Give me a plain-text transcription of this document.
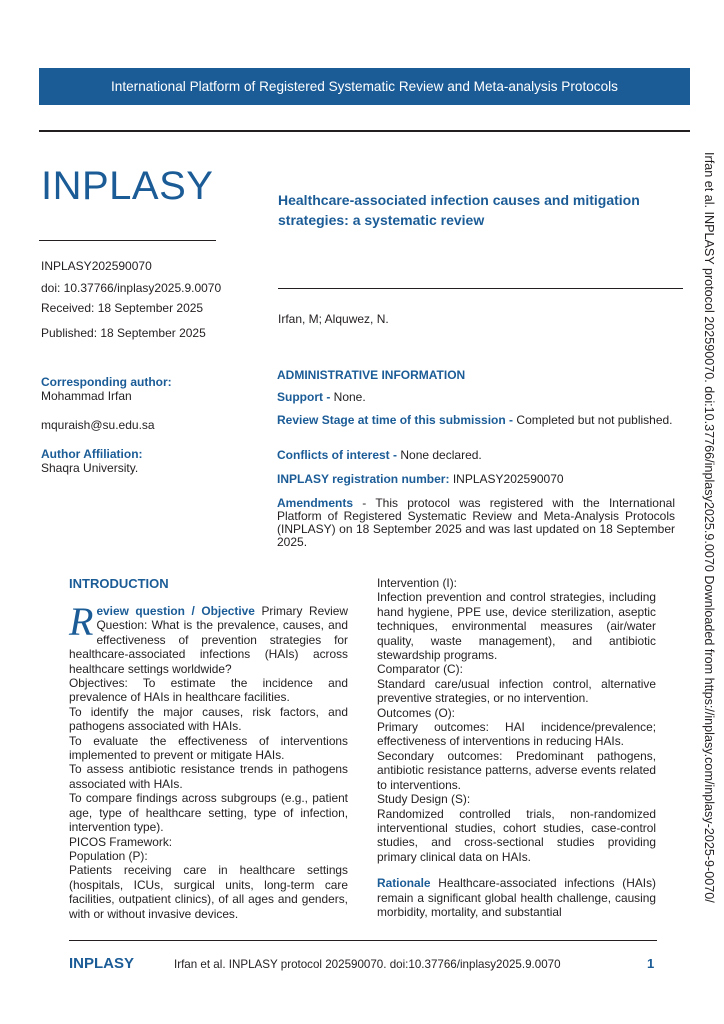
International Platform of Registered Systematic Review and Meta-analysis Protocols
INPLASY
INPLASY202590070
doi: 10.37766/inplasy2025.9.0070
Received: 18 September 2025
Published: 18 September 2025
Healthcare-associated infection causes and mitigation strategies: a systematic review
Irfan, M; Alquwez, N.
Corresponding author:
Mohammad Irfan
mquraish@su.edu.sa
Author Affiliation:
Shaqra University.
ADMINISTRATIVE INFORMATION
Support - None.
Review Stage at time of this submission - Completed but not published.
Conflicts of interest - None declared.
INPLASY registration number: INPLASY202590070
Amendments - This protocol was registered with the International Platform of Registered Systematic Review and Meta-Analysis Protocols (INPLASY) on 18 September 2025 and was last updated on 18 September 2025.
INTRODUCTION

R eview question / Objective Primary Review Question: What is the prevalence, causes, and effectiveness of prevention strategies for healthcare-associated infections (HAIs) across healthcare settings worldwide?

Objectives: To estimate the incidence and prevalence of HAIs in healthcare facilities.

To identify the major causes, risk factors, and pathogens associated with HAIs.

To evaluate the effectiveness of interventions implemented to prevent or mitigate HAIs.

To assess antibiotic resistance trends in pathogens associated with HAIs.

To compare findings across subgroups (e.g., patient age, type of healthcare setting, type of infection, intervention type).

PICOS Framework:

Population (P):

Patients receiving care in healthcare settings (hospitals, ICUs, surgical units, long-term care facilities, outpatient clinics), of all ages and genders, with or without invasive devices.

Intervention (I):

Infection prevention and control strategies, including hand hygiene, PPE use, device sterilization, aseptic techniques, environmental measures (air/water quality, waste management), and antibiotic stewardship programs.

Comparator (C):

Standard care/usual infection control, alternative preventive strategies, or no intervention.

Outcomes (O):

Primary outcomes: HAI incidence/prevalence; effectiveness of interventions in reducing HAIs.

Secondary outcomes: Predominant pathogens, antibiotic resistance patterns, adverse events related to interventions.

Study Design (S):

Randomized controlled trials, non-randomized interventional studies, cohort studies, case-control studies, and cross-sectional studies providing primary clinical data on HAIs.

Rationale Healthcare-associated infections (HAIs) remain a significant global health challenge, causing morbidity, mortality, and substantial

INPLASY	Irfan et al. INPLASY protocol 202590070. doi:10.37766/inplasy2025.9.0070	1
Irfan et al. INPLASY protocol 202590070. doi:10.37766/inplasy2025.9.0070 Downloaded from https://inplasy.com/inplasy-2025-9-0070/
